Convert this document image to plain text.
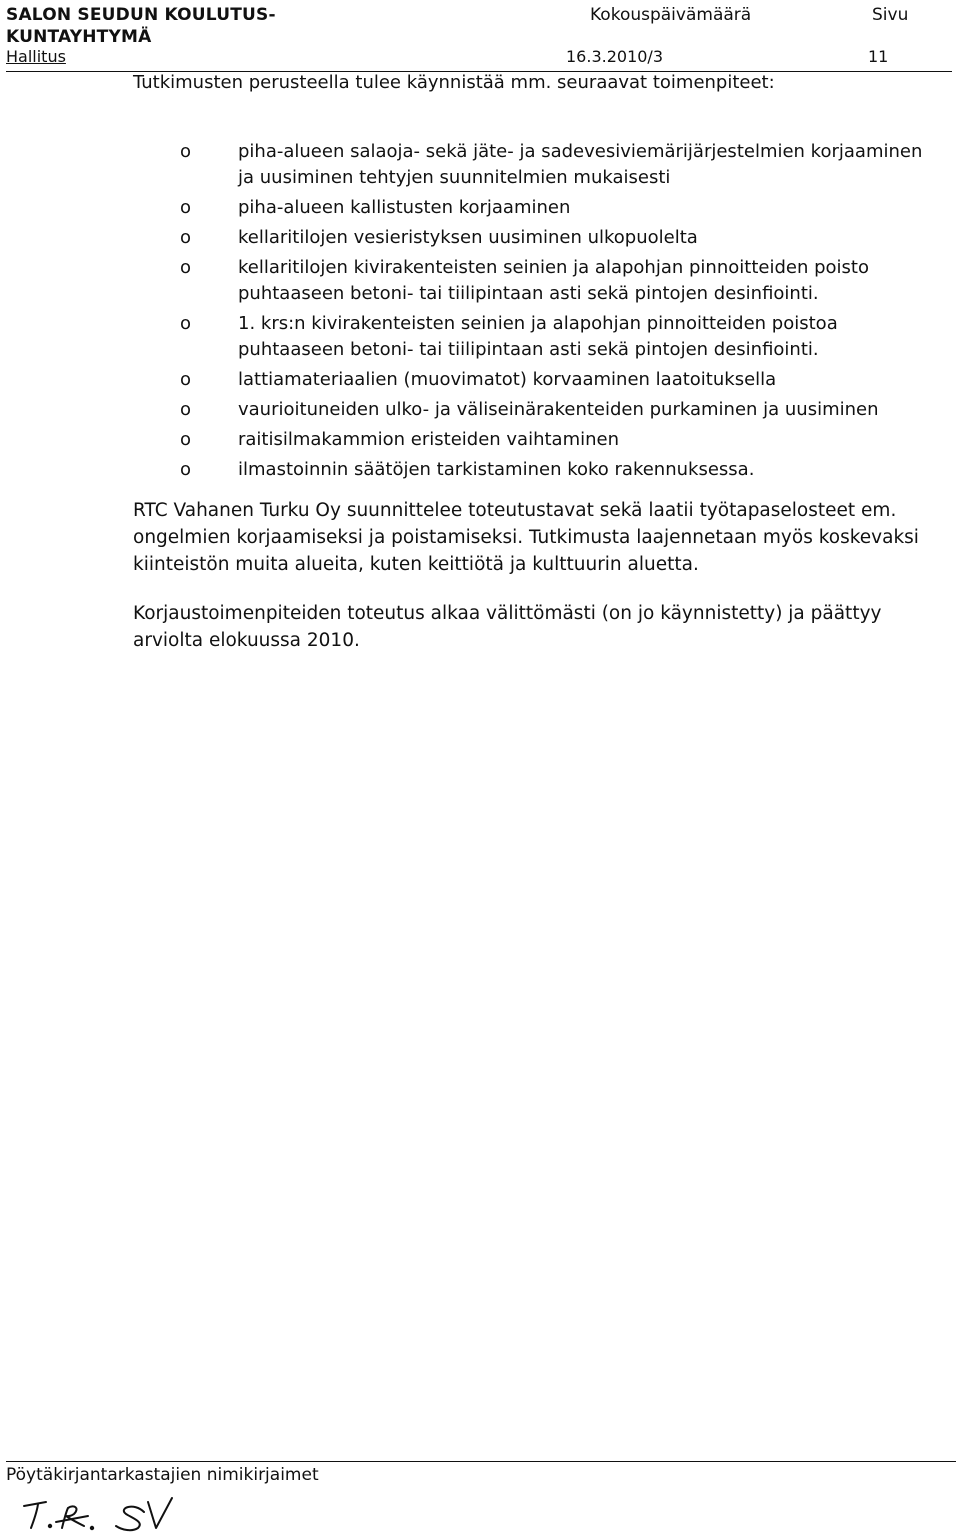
SALON SEUDUN KOULUTUS-
KUNTAYHTYMÄ
Kokouspäivämäärä	Sivu
Hallitus	16.3.2010/3	11
Tutkimusten perusteella tulee käynnistää mm. seuraavat toimenpiteet:
o piha-alueen salaoja- sekä jäte- ja sadevesiviemärijärjestelmien korjaaminen ja uusiminen tehtyjen suunnitelmien mukaisesti
o piha-alueen kallistusten korjaaminen
o kellaritilojen vesieristyksen uusiminen ulkopuolelta
o kellaritilojen kivirakenteisten seinien ja alapohjan pinnoitteiden poisto puhtaaseen betoni- tai tiilipintaan asti sekä pintojen desinfiointi.
o 1. krs:n kivirakenteisten seinien ja alapohjan pinnoitteiden poistoa puhtaaseen betoni- tai tiilipintaan asti sekä pintojen desinfiointi.
o lattiamateriaalien (muovimatot) korvaaminen laatoituksella
o vaurioituneiden ulko- ja väliseinärakenteiden purkaminen ja uusiminen
o raitisilmakammion eristeiden vaihtaminen
o ilmastoinnin säätöjen tarkistaminen koko rakennuksessa.

RTC Vahanen Turku Oy suunnittelee toteutustavat sekä laatii työtapaselosteet em. ongelmien korjaamiseksi ja poistamiseksi. Tutkimusta laajennetaan myös koskevaksi kiinteistön muita alueita, kuten keittiötä ja kulttuurin aluetta.

Korjaustoimenpiteiden toteutus alkaa välittömästi (on jo käynnistetty) ja päättyy arviolta elokuussa 2010.

Pöytäkirjantarkastajien nimikirjaimet
